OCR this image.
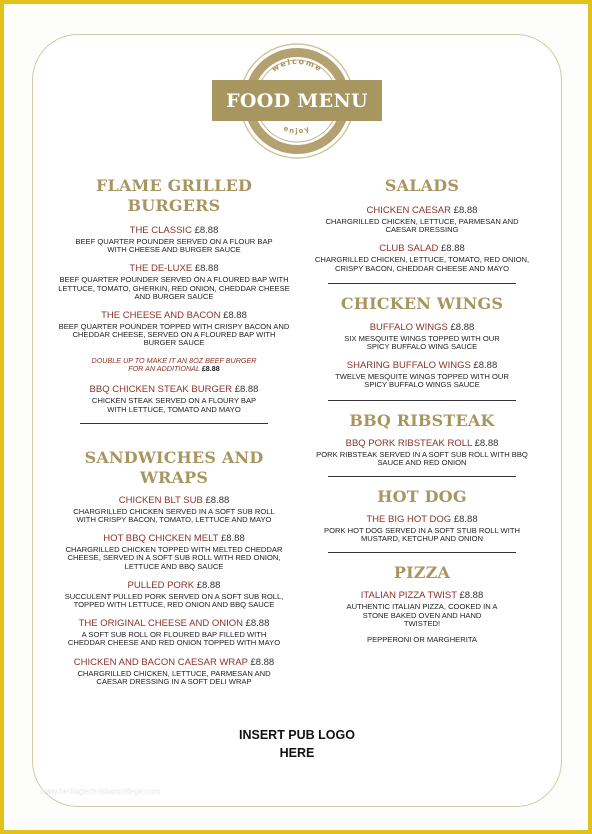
welcome
enjoy
FOOD MENU
FLAME GRILLED BURGERS
THE CLASSIC £8.88
BEEF QUARTER POUNDER SERVED ON A FLOUR BAP WITH CHEESE AND BURGER SAUCE
THE DE-LUXE £8.88
BEEF QUARTER POUNDER SERVED ON A FLOURED BAP WITH LETTUCE, TOMATO, GHERKIN, RED ONION, CHEDDAR CHEESE AND BURGER SAUCE
THE CHEESE AND BACON £8.88
BEEF QUARTER POUNDER TOPPED WITH CRISPY BACON AND CHEDDAR CHEESE, SERVED ON A FLOURED BAP WITH BURGER SAUCE
DOUBLE UP TO MAKE IT AN 8OZ BEEF BURGER FOR AN ADDITIONAL £8.88
BBQ CHICKEN STEAK BURGER £8.88
CHICKEN STEAK SERVED ON A FLOURY BAP WITH LETTUCE, TOMATO AND MAYO
SANDWICHES AND WRAPS
CHICKEN BLT SUB £8.88
CHARGRILLED CHICKEN SERVED IN A SOFT SUB ROLL WITH CRISPY BACON, TOMATO, LETTUCE AND MAYO
HOT BBQ CHICKEN MELT £8.88
CHARGRILLED CHICKEN TOPPED WITH MELTED CHEDDAR CHEESE, SERVED IN A SOFT SUB ROLL WITH RED ONION, LETTUCE AND BBQ SAUCE
PULLED PORK £8.88
SUCCULENT PULLED PORK SERVED ON A SOFT SUB ROLL, TOPPED WITH LETTUCE, RED ONION AND BBQ SAUCE
THE ORIGINAL CHEESE AND ONION £8.88
A SOFT SUB ROLL OR FLOURED BAP FILLED WITH CHEDDAR CHEESE AND RED ONION TOPPED WITH MAYO
CHICKEN AND BACON CAESAR WRAP £8.88
CHARGRILLED CHICKEN, LETTUCE, PARMESAN AND CAESAR DRESSING IN A SOFT DELI WRAP
SALADS
CHICKEN CAESAR £8.88
CHARGRILLED CHICKEN, LETTUCE, PARMESAN AND CAESAR DRESSING
CLUB SALAD £8.88
CHARGRILLED CHICKEN, LETTUCE, TOMATO, RED ONION, CRISPY BACON, CHEDDAR CHEESE AND MAYO
CHICKEN WINGS
BUFFALO WINGS £8.88
SIX MESQUITE WINGS TOPPED WITH OUR SPICY BUFFALO WING SAUCE
SHARING BUFFALO WINGS £8.88
TWELVE MESQUITE WINGS TOPPED WITH OUR SPICY BUFFALO WINGS SAUCE
BBQ RIBSTEAK
BBQ PORK RIBSTEAK ROLL £8.88
PORK RIBSTEAK SERVED IN A SOFT SUB ROLL WITH BBQ SAUCE AND RED ONION
HOT DOG
THE BIG HOT DOG £8.88
PORK HOT DOG SERVED IN A SOFT STUB ROLL WITH MUSTARD, KETCHUP AND ONION
PIZZA
ITALIAN PIZZA TWIST £8.88
AUTHENTIC ITALIAN PIZZA, COOKED IN A STONE BAKED OVEN AND HAND TWISTED!
PEPPERONI OR MARGHERITA
INSERT PUB LOGO
HERE
www.heritagechristiancollege.com
